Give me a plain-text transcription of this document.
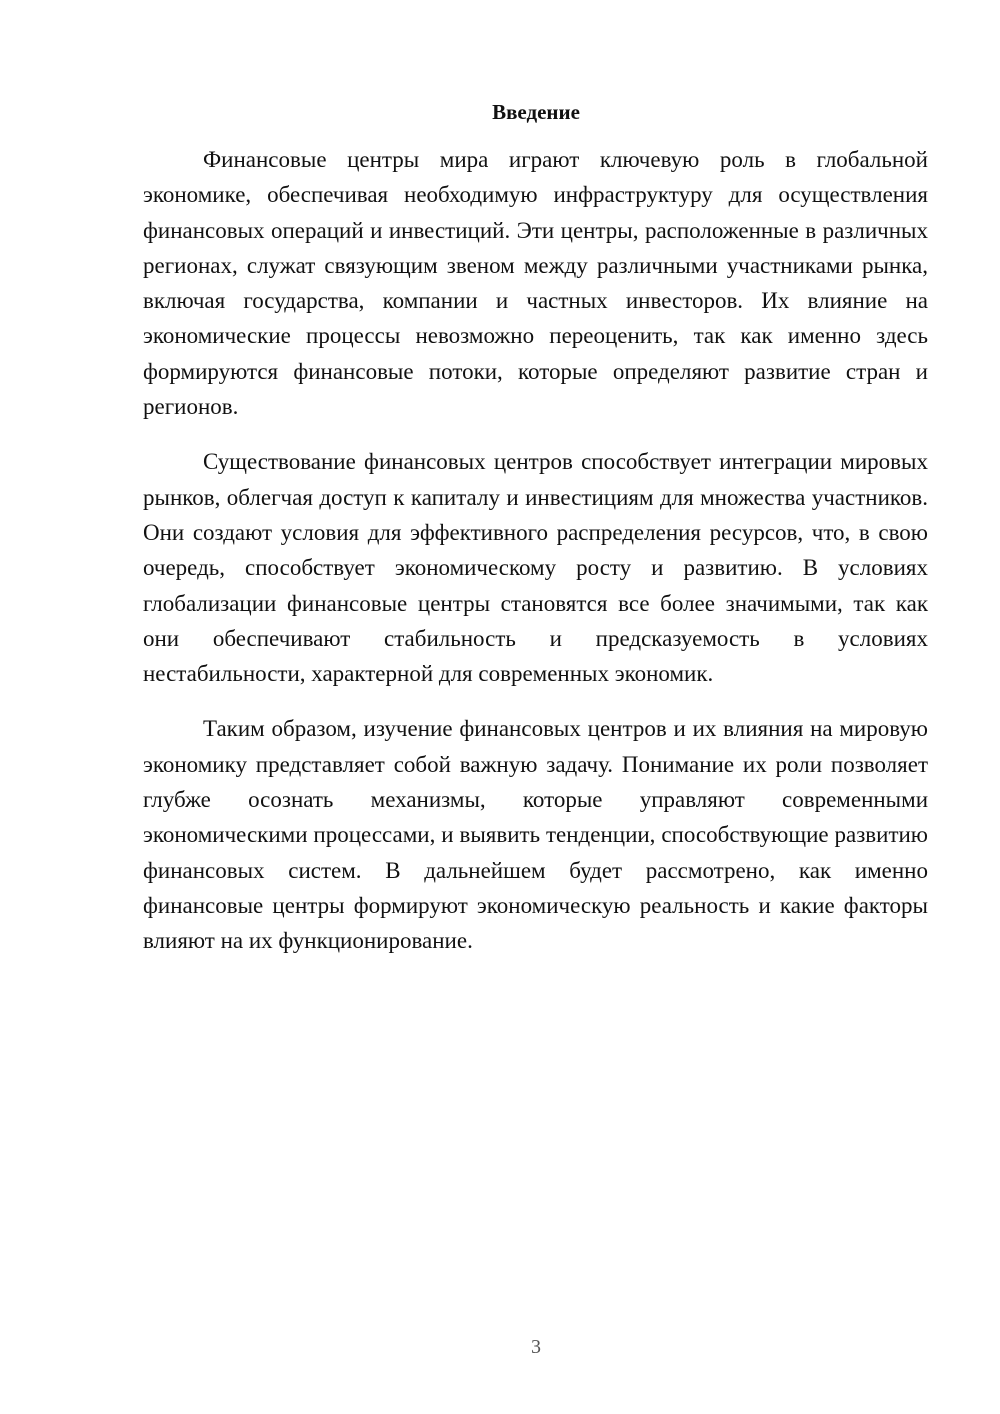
Введение

Финансовые центры мира играют ключевую роль в глобальной экономике, обеспечивая необходимую инфраструктуру для осуществления финансовых операций и инвестиций. Эти центры, расположенные в различных регионах, служат связующим звеном между различными участниками рынка, включая государства, компании и частных инвесторов. Их влияние на экономические процессы невозможно переоценить, так как именно здесь формируются финансовые потоки, которые определяют развитие стран и регионов.

Существование финансовых центров способствует интеграции мировых рынков, облегчая доступ к капиталу и инвестициям для множества участников. Они создают условия для эффективного распределения ресурсов, что, в свою очередь, способствует экономическому росту и развитию. В условиях глобализации финансовые центры становятся все более значимыми, так как они обеспечивают стабильность и предсказуемость в условиях нестабильности, характерной для современных экономик.

Таким образом, изучение финансовых центров и их влияния на мировую экономику представляет собой важную задачу. Понимание их роли позволяет глубже осознать механизмы, которые управляют современными экономическими процессами, и выявить тенденции, способствующие развитию финансовых систем. В дальнейшем будет рассмотрено, как именно финансовые центры формируют экономическую реальность и какие факторы влияют на их функционирование.

3
